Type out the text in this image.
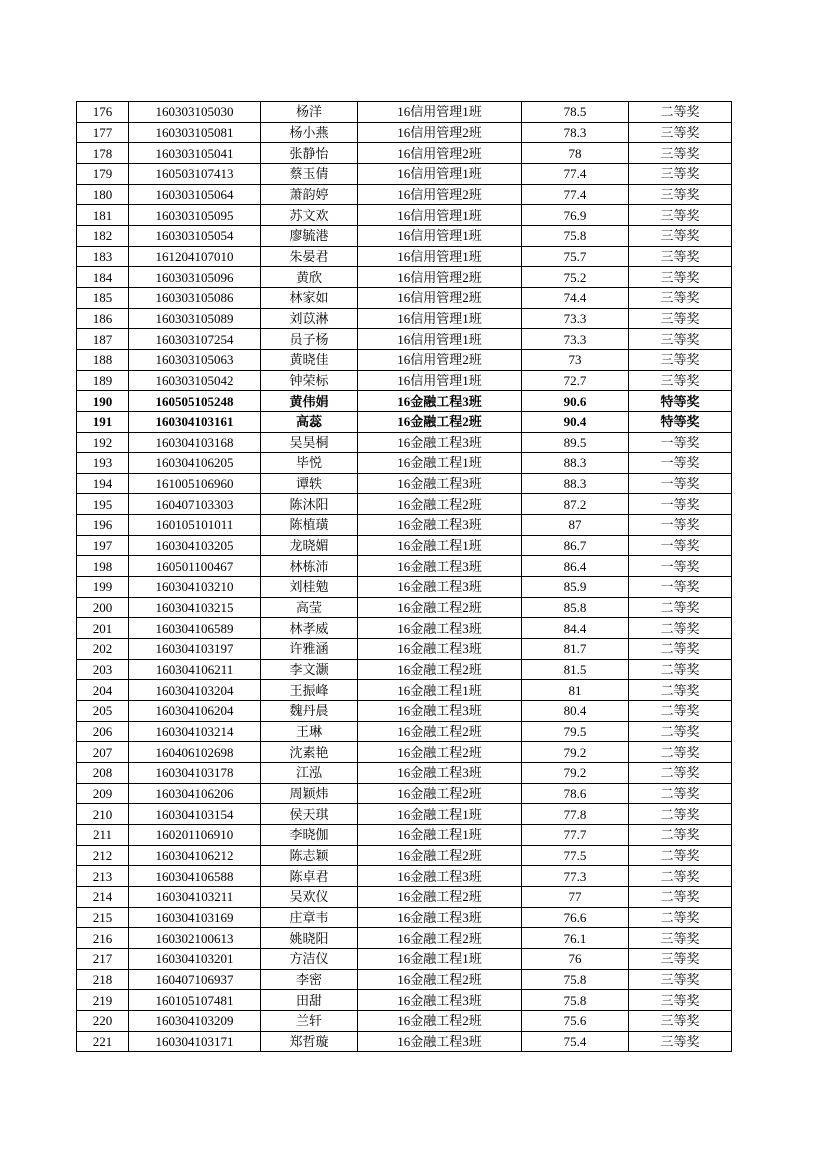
176	160303105030	杨洋	16信用管理1班	78.5	二等奖
177	160303105081	杨小燕	16信用管理2班	78.3	三等奖
178	160303105041	张静怡	16信用管理2班	78	三等奖
179	160503107413	蔡玉倩	16信用管理1班	77.4	三等奖
180	160303105064	萧韵婷	16信用管理2班	77.4	三等奖
181	160303105095	苏文欢	16信用管理1班	76.9	三等奖
182	160303105054	廖毓港	16信用管理1班	75.8	三等奖
183	161204107010	朱晏君	16信用管理1班	75.7	三等奖
184	160303105096	黄欣	16信用管理2班	75.2	三等奖
185	160303105086	林家如	16信用管理2班	74.4	三等奖
186	160303105089	刘苡淋	16信用管理1班	73.3	三等奖
187	160303107254	员子杨	16信用管理1班	73.3	三等奖
188	160303105063	黄晓佳	16信用管理2班	73	三等奖
189	160303105042	钟荣标	16信用管理1班	72.7	三等奖
190	160505105248	黄伟娟	16金融工程3班	90.6	特等奖
191	160304103161	高蕊	16金融工程2班	90.4	特等奖
192	160304103168	吴昊桐	16金融工程3班	89.5	一等奖
193	160304106205	毕悦	16金融工程1班	88.3	一等奖
194	161005106960	谭轶	16金融工程3班	88.3	一等奖
195	160407103303	陈沐阳	16金融工程2班	87.2	一等奖
196	160105101011	陈植璜	16金融工程3班	87	一等奖
197	160304103205	龙晓媚	16金融工程1班	86.7	一等奖
198	160501100467	林栋沛	16金融工程3班	86.4	一等奖
199	160304103210	刘桂勉	16金融工程3班	85.9	一等奖
200	160304103215	高莹	16金融工程2班	85.8	二等奖
201	160304106589	林孝威	16金融工程3班	84.4	二等奖
202	160304103197	许雅涵	16金融工程3班	81.7	二等奖
203	160304106211	李文灏	16金融工程2班	81.5	二等奖
204	160304103204	王振峰	16金融工程1班	81	二等奖
205	160304106204	魏丹晨	16金融工程3班	80.4	二等奖
206	160304103214	王琳	16金融工程2班	79.5	二等奖
207	160406102698	沈素艳	16金融工程2班	79.2	二等奖
208	160304103178	江泓	16金融工程3班	79.2	二等奖
209	160304106206	周颖炜	16金融工程2班	78.6	二等奖
210	160304103154	侯天琪	16金融工程1班	77.8	二等奖
211	160201106910	李晓伽	16金融工程1班	77.7	二等奖
212	160304106212	陈志颖	16金融工程2班	77.5	二等奖
213	160304106588	陈卓君	16金融工程3班	77.3	二等奖
214	160304103211	吴欢仪	16金融工程2班	77	二等奖
215	160304103169	庄章韦	16金融工程3班	76.6	二等奖
216	160302100613	姚晓阳	16金融工程2班	76.1	三等奖
217	160304103201	方洁仪	16金融工程1班	76	三等奖
218	160407106937	李密	16金融工程2班	75.8	三等奖
219	160105107481	田甜	16金融工程3班	75.8	三等奖
220	160304103209	兰轩	16金融工程2班	75.6	三等奖
221	160304103171	郑哲璇	16金融工程3班	75.4	三等奖
